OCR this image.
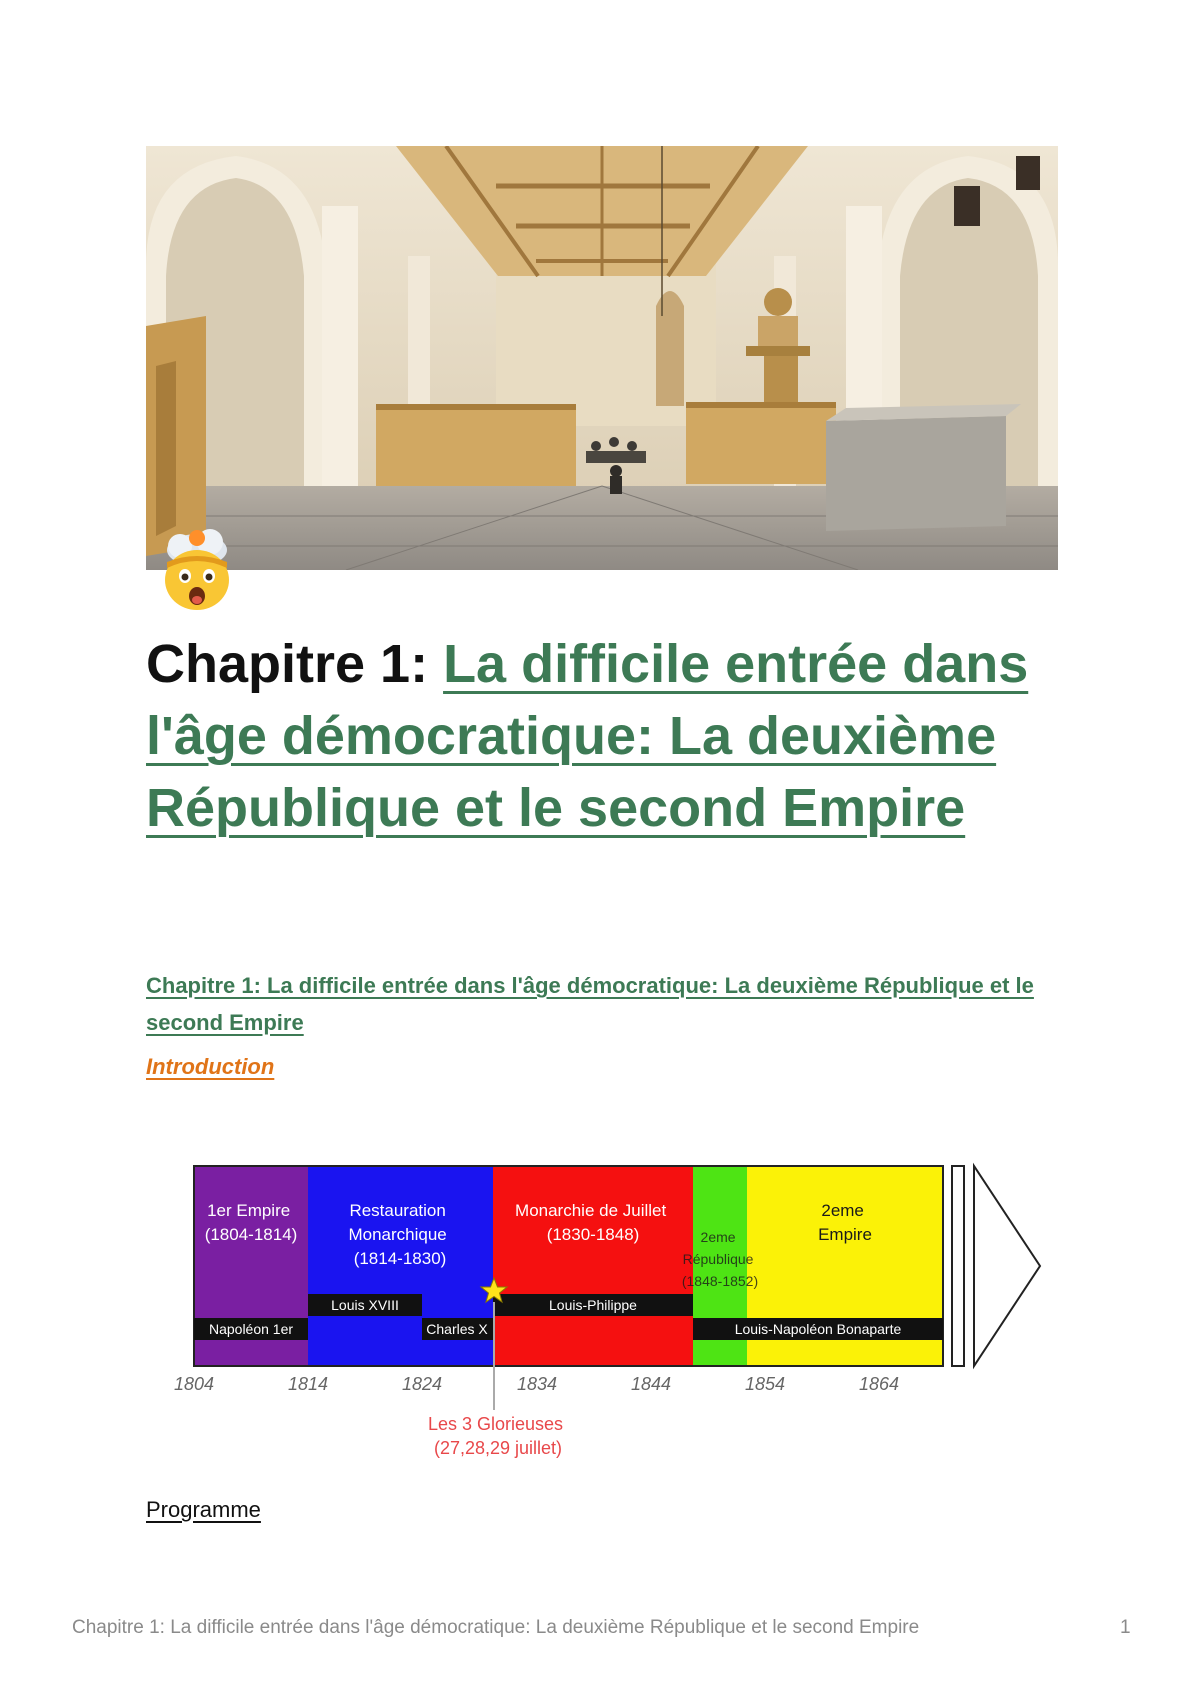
Chapitre 1: La difficile entrée dans l'âge démocratique: La deuxième République et le second Empire

Chapitre 1: La difficile entrée dans l'âge démocratique: La deuxième République et le second Empire

Introduction

1er Empire (1804-1814)
Restauration Monarchique (1814-1830)
Monarchie de Juillet (1830-1848)	2eme République (1848-1852)
2eme Empire
Napoléon 1er
Louis XVIII
Charles X
Louis-Philippe
Louis-Napoléon Bonaparte
1804	1814	1824	1834	1844	1854	1864
Les 3 Glorieuses (27,28,29 juillet)

Programme

Chapitre 1: La difficile entrée dans l'âge démocratique: La deuxième République et le second Empire	1
